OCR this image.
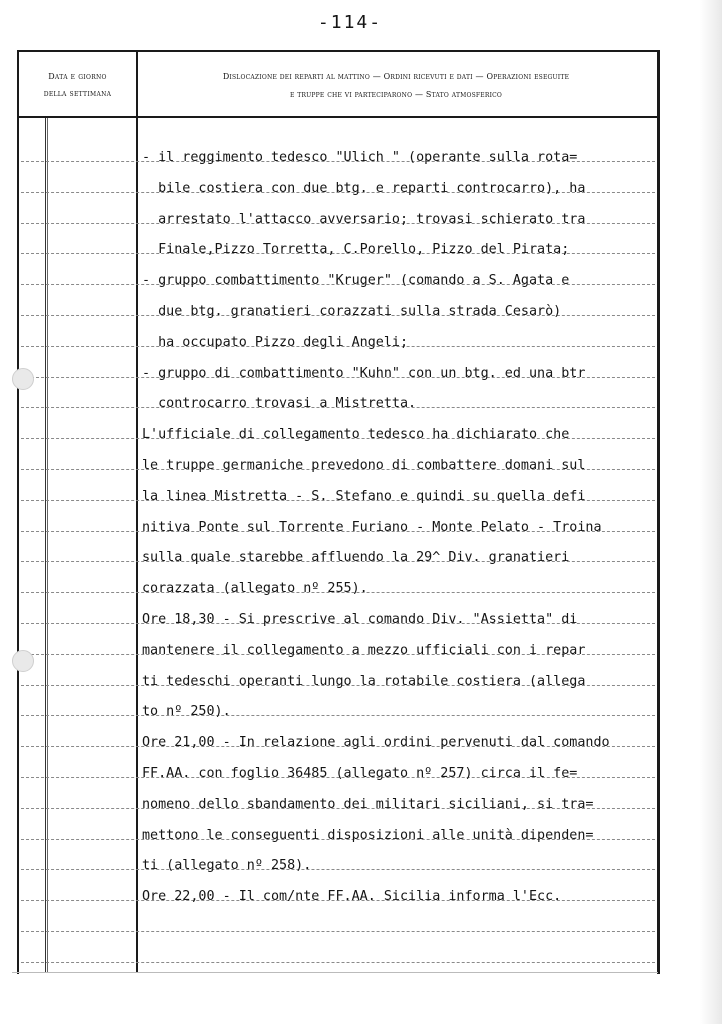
-114-
Data e giorno
della settimana
Dislocazione dei reparti al mattino — Ordini ricevuti e dati — Operazioni eseguite
e truppe che vi parteciparono — Stato atmosferico
- il reggimento tedesco "Ulich " (operante sulla rota=
bile costiera con due btg. e reparti controcarro), ha
arrestato l'attacco avversario; trovasi schierato tra
Finale,Pizzo Torretta, C.Porello, Pizzo del Pirata;
- gruppo combattimento "Kruger" (comando a S. Agata e
due btg. granatieri corazzati sulla strada Cesarò)
ha occupato Pizzo degli Angeli;
- gruppo di combattimento "Kuhn" con un btg. ed una btr
controcarro trovasi a Mistretta.
L'ufficiale di collegamento tedesco ha dichiarato che
le truppe germaniche prevedono di combattere domani sul
la linea Mistretta - S. Stefano e quindi su quella defi
nitiva Ponte sul Torrente Furiano - Monte Pelato - Troina
sulla quale starebbe affluendo la 29^ Div. granatieri
corazzata (allegato nº 255).
Ore 18,30 - Si prescrive al comando Div. "Assietta" di
mantenere il collegamento a mezzo ufficiali con i repar
ti tedeschi operanti lungo la rotabile costiera (allega
to nº 250).
Ore 21,00 - In relazione agli ordini pervenuti dal comando
FF.AA. con foglio 36485 (allegato nº 257) circa il fe=
nomeno dello sbandamento dei militari siciliani, si tra=
mettono le conseguenti disposizioni alle unità dipenden=
ti (allegato nº 258).
Ore 22,00 - Il com/nte FF.AA. Sicilia informa l'Ecc.
